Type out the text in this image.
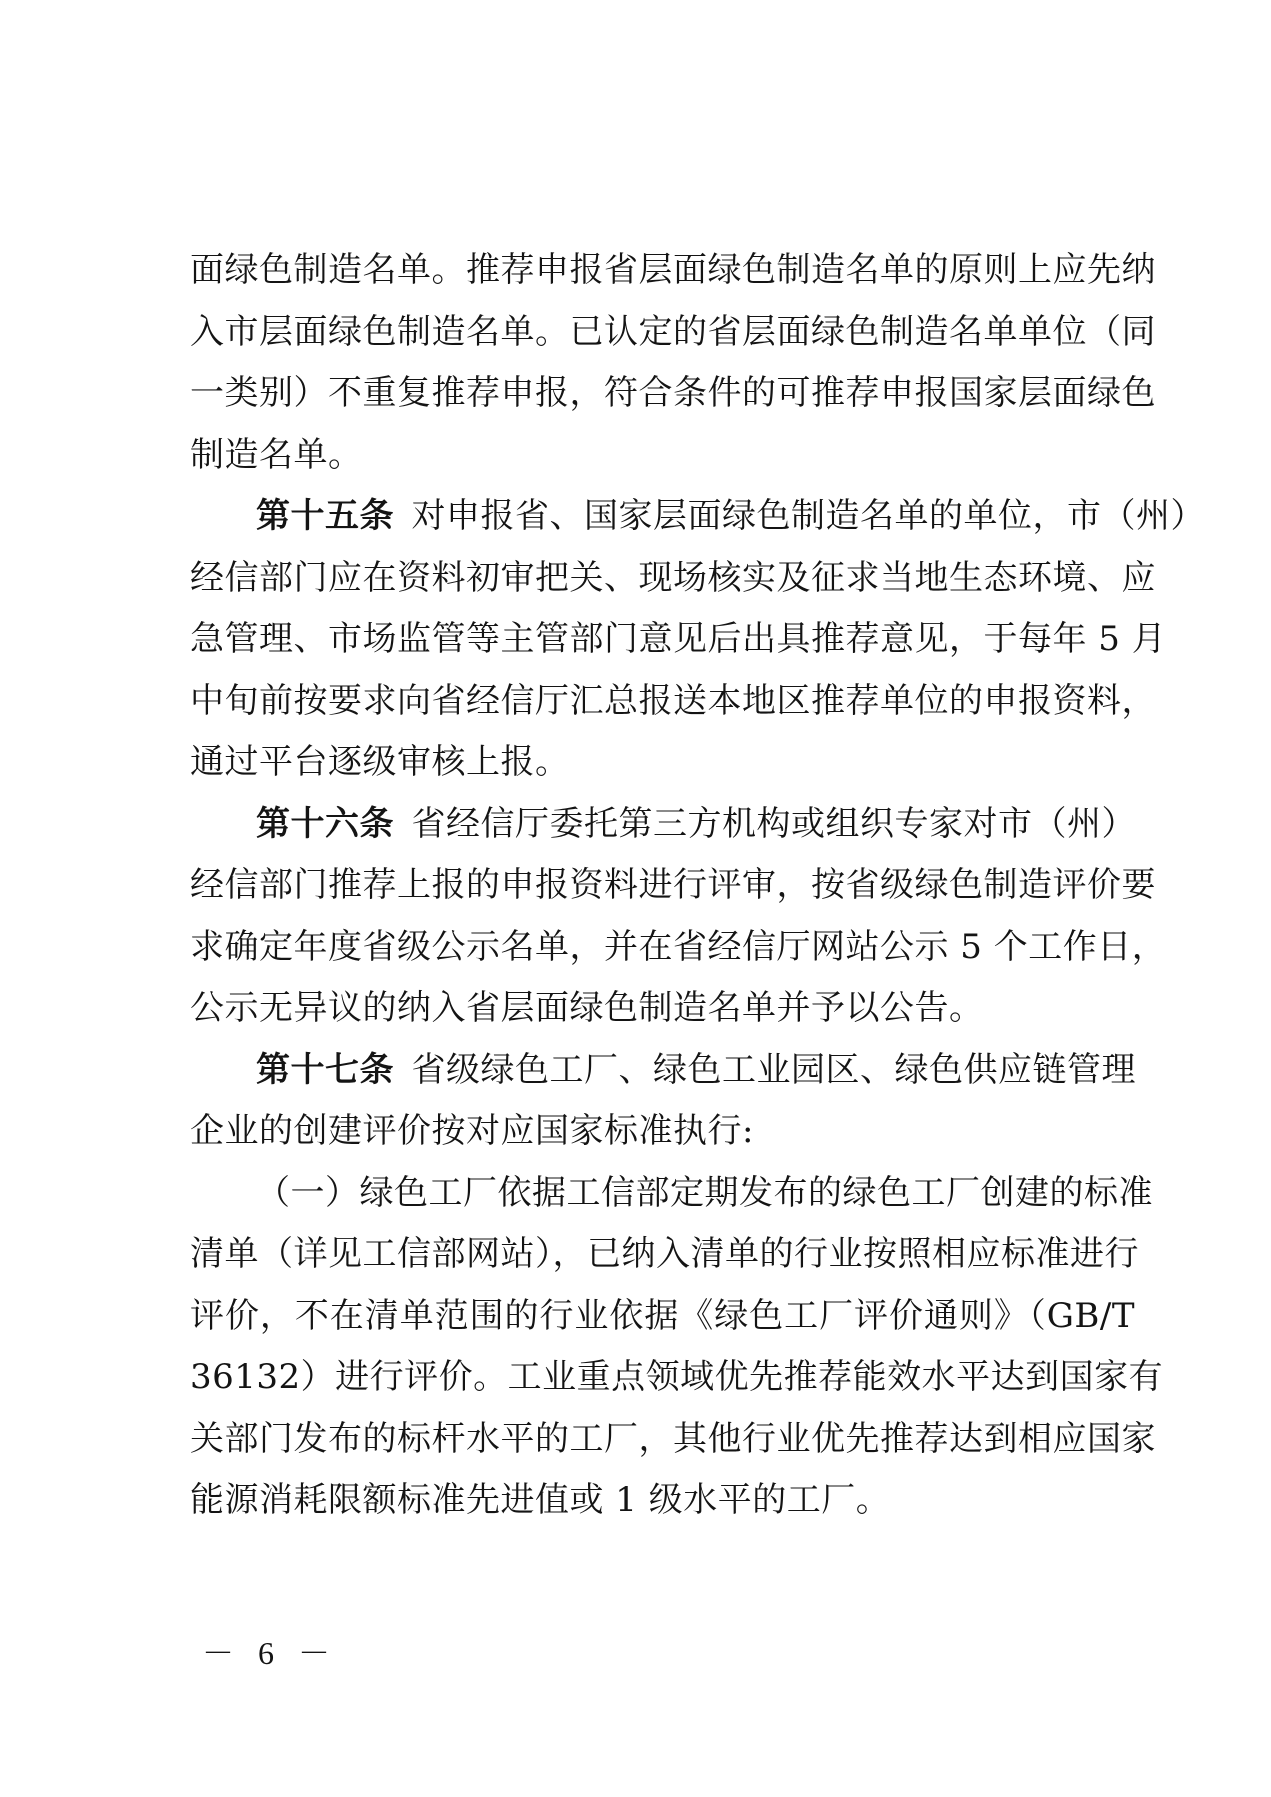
面绿色制造名单。推荐申报省层面绿色制造名单的原则上应先纳
入市层面绿色制造名单。已认定的省层面绿色制造名单单位（同
一类别）不重复推荐申报，符合条件的可推荐申报国家层面绿色
制造名单。
第十五条  对申报省、国家层面绿色制造名单的单位，市（州）
经信部门应在资料初审把关、现场核实及征求当地生态环境、应
急管理、市场监管等主管部门意见后出具推荐意见，于每年 5 月
中旬前按要求向省经信厅汇总报送本地区推荐单位的申报资料，
通过平台逐级审核上报。
第十六条  省经信厅委托第三方机构或组织专家对市（州）
经信部门推荐上报的申报资料进行评审，按省级绿色制造评价要
求确定年度省级公示名单，并在省经信厅网站公示 5 个工作日，
公示无异议的纳入省层面绿色制造名单并予以公告。
第十七条  省级绿色工厂、绿色工业园区、绿色供应链管理
企业的创建评价按对应国家标准执行:
（一）绿色工厂依据工信部定期发布的绿色工厂创建的标准
清单（详见工信部网站），已纳入清单的行业按照相应标准进行
评价，不在清单范围的行业依据《绿色工厂评价通则》（GB/T
36132）进行评价。工业重点领域优先推荐能效水平达到国家有
关部门发布的标杆水平的工厂，其他行业优先推荐达到相应国家
能源消耗限额标准先进值或 1 级水平的工厂。
－ 6 －
